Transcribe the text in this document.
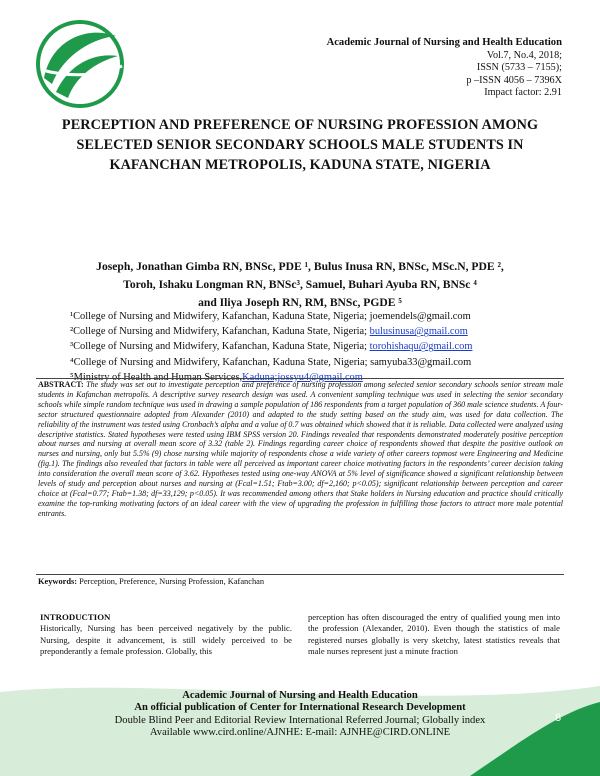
Academic Journal of Nursing and Health Education
Vol.7, No.4, 2018;
ISSN (5733 – 7155);
p –ISSN 4056 – 7396X
Impact factor: 2.91
PERCEPTION AND PREFERENCE OF NURSING PROFESSION AMONG SELECTED SENIOR SECONDARY SCHOOLS MALE STUDENTS IN KAFANCHAN METROPOLIS, KADUNA STATE, NIGERIA
Joseph, Jonathan Gimba RN, BNSc, PDE ¹, Bulus Inusa RN, BNSc, MSc.N, PDE ²,
Toroh, Ishaku Longman RN, BNSc³, Samuel, Buhari Ayuba RN, BNSc ⁴
and Iliya Joseph RN, RM, BNSc, PGDE ⁵
¹College of Nursing and Midwifery, Kafanchan, Kaduna State, Nigeria; joemendels@gmail.com
²College of Nursing and Midwifery, Kafanchan, Kaduna State, Nigeria; bulusinusa@gmail.com
³College of Nursing and Midwifery, Kafanchan, Kaduna State, Nigeria; torohishaqu@gmail.com
⁴College of Nursing and Midwifery, Kafanchan, Kaduna State, Nigeria; samyuba33@gmail.com
⁵Ministry of Health and Human Services,Kaduna;jossyu4@gmail.com
ABSTRACT: The study was set out to investigate perception and preference of nursing profession among selected senior secondary schools senior stream male students in Kafanchan metropolis. A descriptive survey research design was used. A convenient sampling technique was used in selecting the senior secondary schools while simple random technique was used in drawing a sample population of 186 respondents from a target population of 360 male science students. A four-sector structured questionnaire adopted from Alexander (2010) and adapted to the study setting based on the study aim, was used for data collection. The reliability of the instrument was tested using Cronbach’s alpha and a value of 0.7 was obtained which showed that it is reliable. Data collected were analyzed using descriptive statistics. Stated hypotheses were tested using IBM SPSS version 20. Findings revealed that respondents demonstrated moderately positive perception about nurses and nursing at overall mean score of 3.32 (table 2). Findings regarding career choice of respondents showed that despite the positive outlook on nurses and nursing, only but 5.5% (9) chose nursing while majority of respondents chose a wide variety of other careers topmost were Engineering and Medicine (fig.1). The findings also revealed that factors in table were all perceived as important career choice motivating factors in the respondents’ career decision taking into consideration the overall mean score of 3.62. Hypotheses tested using one-way ANOVA at 5% level of significance showed a significant relationship between levels of study and perception about nurses and nursing at (Fcal=1.51; Ftab=3.00; df=2,160; p<0.05); significant relationship between perception and career choice at (Fcal=0.77; Ftab=1.38; df=33,129; p<0.05). It was recommended among others that Stake holders in Nursing education and practice should critically examine the top-ranking motivating factors of an ideal career with the view of upgrading the profession in fulfilling those factors to attract more male potential entrants.
Keywords: Perception, Preference, Nursing Profession, Kafanchan
INTRODUCTION
Historically, Nursing has been perceived negatively by the public. Nursing, despite it advancement, is still widely perceived to be preponderantly a female profession. Globally, this
perception has often discouraged the entry of qualified young men into the profession (Alexander, 2010). Even though the statistics of male registered nurses globally is very sketchy, latest statistics reveals that male nurses represent just a minute fraction
Academic Journal of Nursing and Health Education
An official publication of Center for International Research Development
Double Blind Peer and Editorial Review International Referred Journal; Globally index
Available www.cird.online/AJNHE: E-mail: AJNHE@CIRD.ONLINE
8
